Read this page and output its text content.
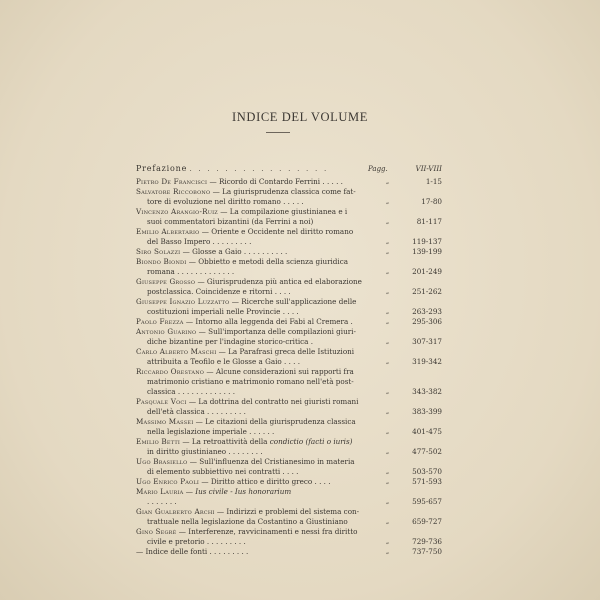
INDICE DEL VOLUME
Prefazione . . . . . . . . . . . . . . . .	Pagg.	VII-VIII
Pietro De Francisci — Ricordo di Contardo Ferrini . . . . .	„	1-15
Salvatore Riccobono — La giurisprudenza classica come fat-
tore di evoluzione nel diritto romano . . . . .	„	17-80
Vincenzo Arangio-Ruiz — La compilazione giustinianea e i
suoi commentatori bizantini (da Ferrini a noi)	„	81-117
Emilio Albertario — Oriente e Occidente nel diritto romano
del Basso Impero . . . . . . . . .	„	119-137
Siro Solazzi — Glosse a Gaio . . . . . . . . . .	„	139-199
Biondo Biondi — Obbietto e metodi della scienza giuridica
romana . . . . . . . . . . . . .	„	201-249
Giuseppe Grosso — Giurisprudenza più antica ed elaborazione
postclassica. Coincidenze e ritorni . . . .	„	251-262
Giuseppe Ignazio Luzzatto — Ricerche sull'applicazione delle
costituzioni imperiali nelle Provincie . . . .	„	263-293
Paolo Frezza — Intorno alla leggenda dei Fabi al Cremera .	„	295-306
Antonio Guarino — Sull'importanza delle compilazioni giuri-
diche bizantine per l'indagine storico-critica .	„	307-317
Carlo Alberto Maschi — La Parafrasi greca delle Istituzioni
attribuita a Teofilo e le Glosse a Gaio . . . .	„	319-342
Riccardo Orestano — Alcune considerazioni sui rapporti fra
matrimonio cristiano e matrimonio romano nell'età post-
classica . . . . . . . . . . . . .	„	343-382
Pasquale Voci — La dottrina del contratto nei giuristi romani
dell'età classica . . . . . . . . .	„	383-399
Massimo Massei — Le citazioni della giurisprudenza classica
nella legislazione imperiale . . . . . .	„	401-475
Emilio Betti — La retroattività della condictio (facti o iuris)
in diritto giustinianeo . . . . . . . .	„	477-502
Ugo Brasiello — Sull'influenza del Cristianesimo in materia
di elemento subbiettivo nei contratti . . . .	„	503-570
Ugo Enrico Paoli — Diritto attico e diritto greco . . . .	„	571-593
Mario Lauria — Ius civile - Ius honorarium
. . . . . . .	„	595-657
Gian Gualberto Archi — Indirizzi e problemi del sistema con-
trattuale nella legislazione da Costantino a Giustiniano	„	659-727
Gino Segrè — Interferenze, ravvicinamenti e nessi fra diritto
civile e pretorio . . . . . . . . .	„	729-736
— Indice delle fonti . . . . . . . . .	„	737-750
